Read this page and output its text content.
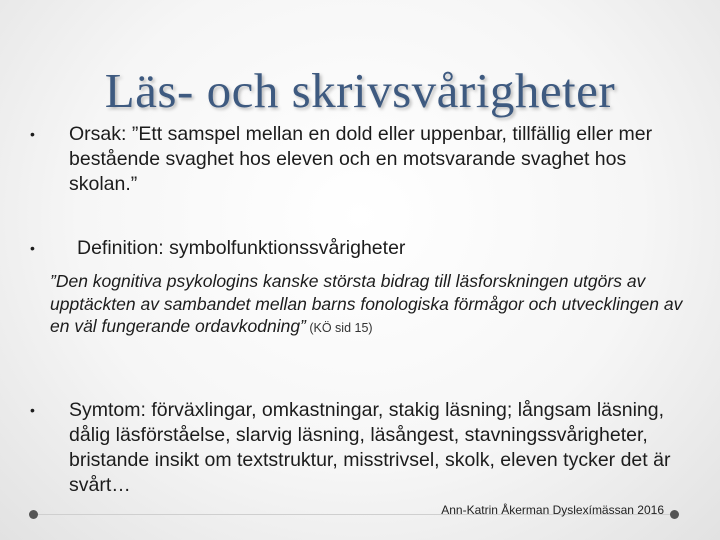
Läs- och skrivsvårigheter
• Orsak: ”Ett samspel mellan en dold eller uppenbar, tillfällig eller mer bestående svaghet hos eleven och en motsvarande svaghet hos skolan.”
• Definition: symbolfunktionssvårigheter
”Den kognitiva psykologins kanske största bidrag till läsforskningen utgörs av upptäckten av sambandet mellan barns fonologiska förmågor och utvecklingen av en väl fungerande ordavkodning” (KÖ sid 15)
• Symtom: förväxlingar, omkastningar, stakig läsning; långsam läsning, dålig läsförståelse, slarvig läsning, läsångest, stavningssvårigheter, bristande insikt om textstruktur, misstrivsel, skolk, eleven tycker det är svårt…
Ann-Katrin Åkerman Dyslexímässan 2016
